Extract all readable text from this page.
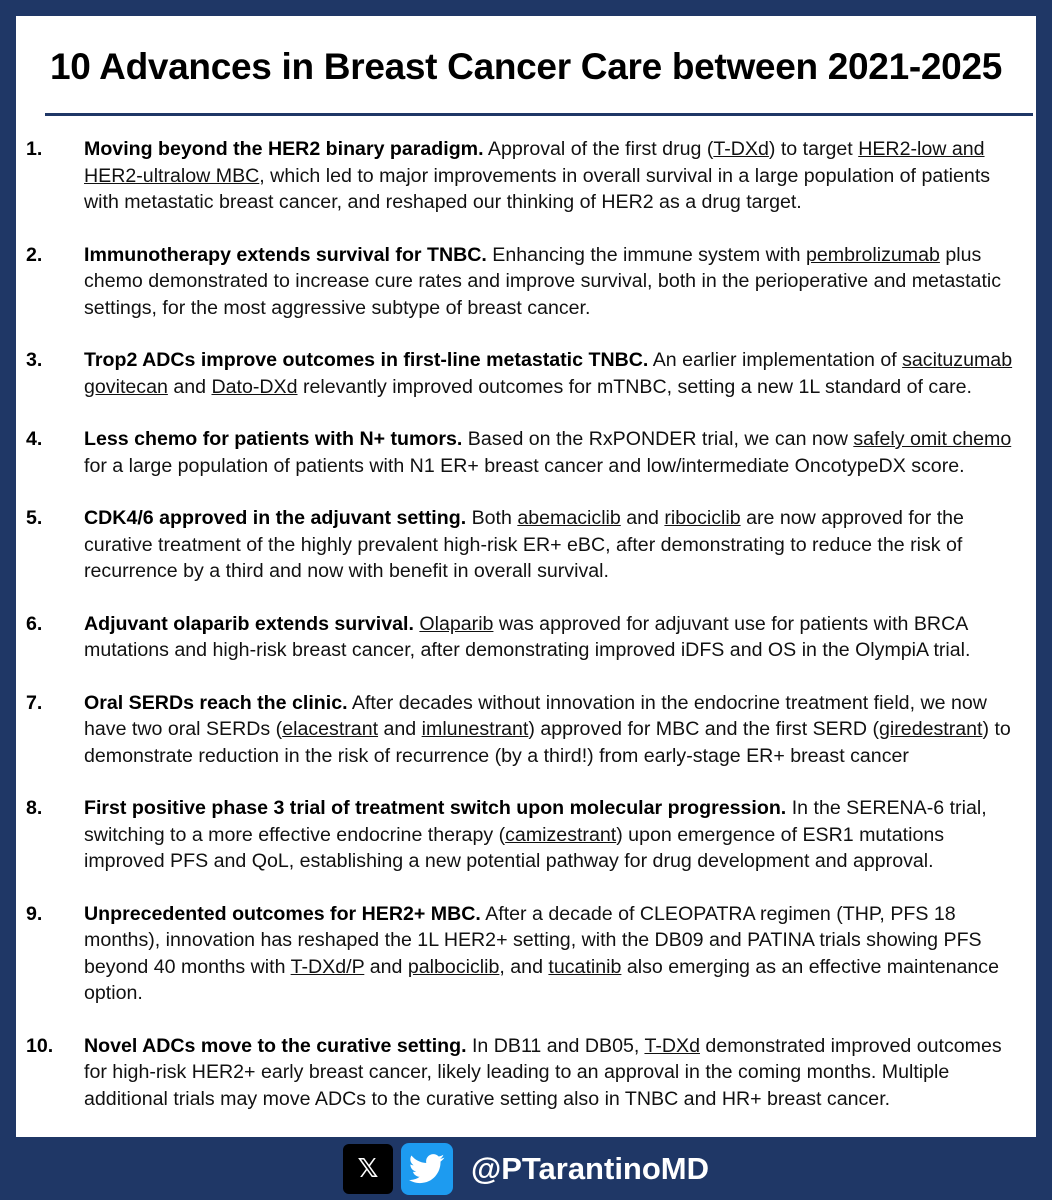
10 Advances in Breast Cancer Care between 2021-2025
1.	Moving beyond the HER2 binary paradigm. Approval of the first drug (T-DXd) to target HER2-low and HER2-ultralow MBC, which led to major improvements in overall survival in a large population of patients with metastatic breast cancer, and reshaped our thinking of HER2 as a drug target.
2.	Immunotherapy extends survival for TNBC. Enhancing the immune system with pembrolizumab plus chemo demonstrated to increase cure rates and improve survival, both in the perioperative and metastatic settings, for the most aggressive subtype of breast cancer.
3.	Trop2 ADCs improve outcomes in first-line metastatic TNBC. An earlier implementation of sacituzumab govitecan and Dato-DXd relevantly improved outcomes for mTNBC, setting a new 1L standard of care.
4.	Less chemo for patients with N+ tumors. Based on the RxPONDER trial, we can now safely omit chemo for a large population of patients with N1 ER+ breast cancer and low/intermediate OncotypeDX score.
5.	CDK4/6 approved in the adjuvant setting. Both abemaciclib and ribociclib are now approved for the curative treatment of the highly prevalent high-risk ER+ eBC, after demonstrating to reduce the risk of recurrence by a third and now with benefit in overall survival.
6.	Adjuvant olaparib extends survival. Olaparib was approved for adjuvant use for patients with BRCA mutations and high-risk breast cancer, after demonstrating improved iDFS and OS in the OlympiA trial.
7.	Oral SERDs reach the clinic. After decades without innovation in the endocrine treatment field, we now have two oral SERDs (elacestrant and imlunestrant) approved for MBC and the first SERD (giredestrant) to demonstrate reduction in the risk of recurrence (by a third!) from early-stage ER+ breast cancer
8.	First positive phase 3 trial of treatment switch upon molecular progression. In the SERENA-6 trial, switching to a more effective endocrine therapy (camizestrant) upon emergence of ESR1 mutations improved PFS and QoL, establishing a new potential pathway for drug development and approval.
9.	Unprecedented outcomes for HER2+ MBC. After a decade of CLEOPATRA regimen (THP, PFS 18 months), innovation has reshaped the 1L HER2+ setting, with the DB09 and PATINA trials showing PFS beyond 40 months with T-DXd/P and palbociclib, and tucatinib also emerging as an effective maintenance option.
10.	Novel ADCs move to the curative setting. In DB11 and DB05, T-DXd demonstrated improved outcomes for high-risk HER2+ early breast cancer, likely leading to an approval in the coming months. Multiple additional trials may move ADCs to the curative setting also in TNBC and HR+ breast cancer.
𝕏	@PTarantinoMD
